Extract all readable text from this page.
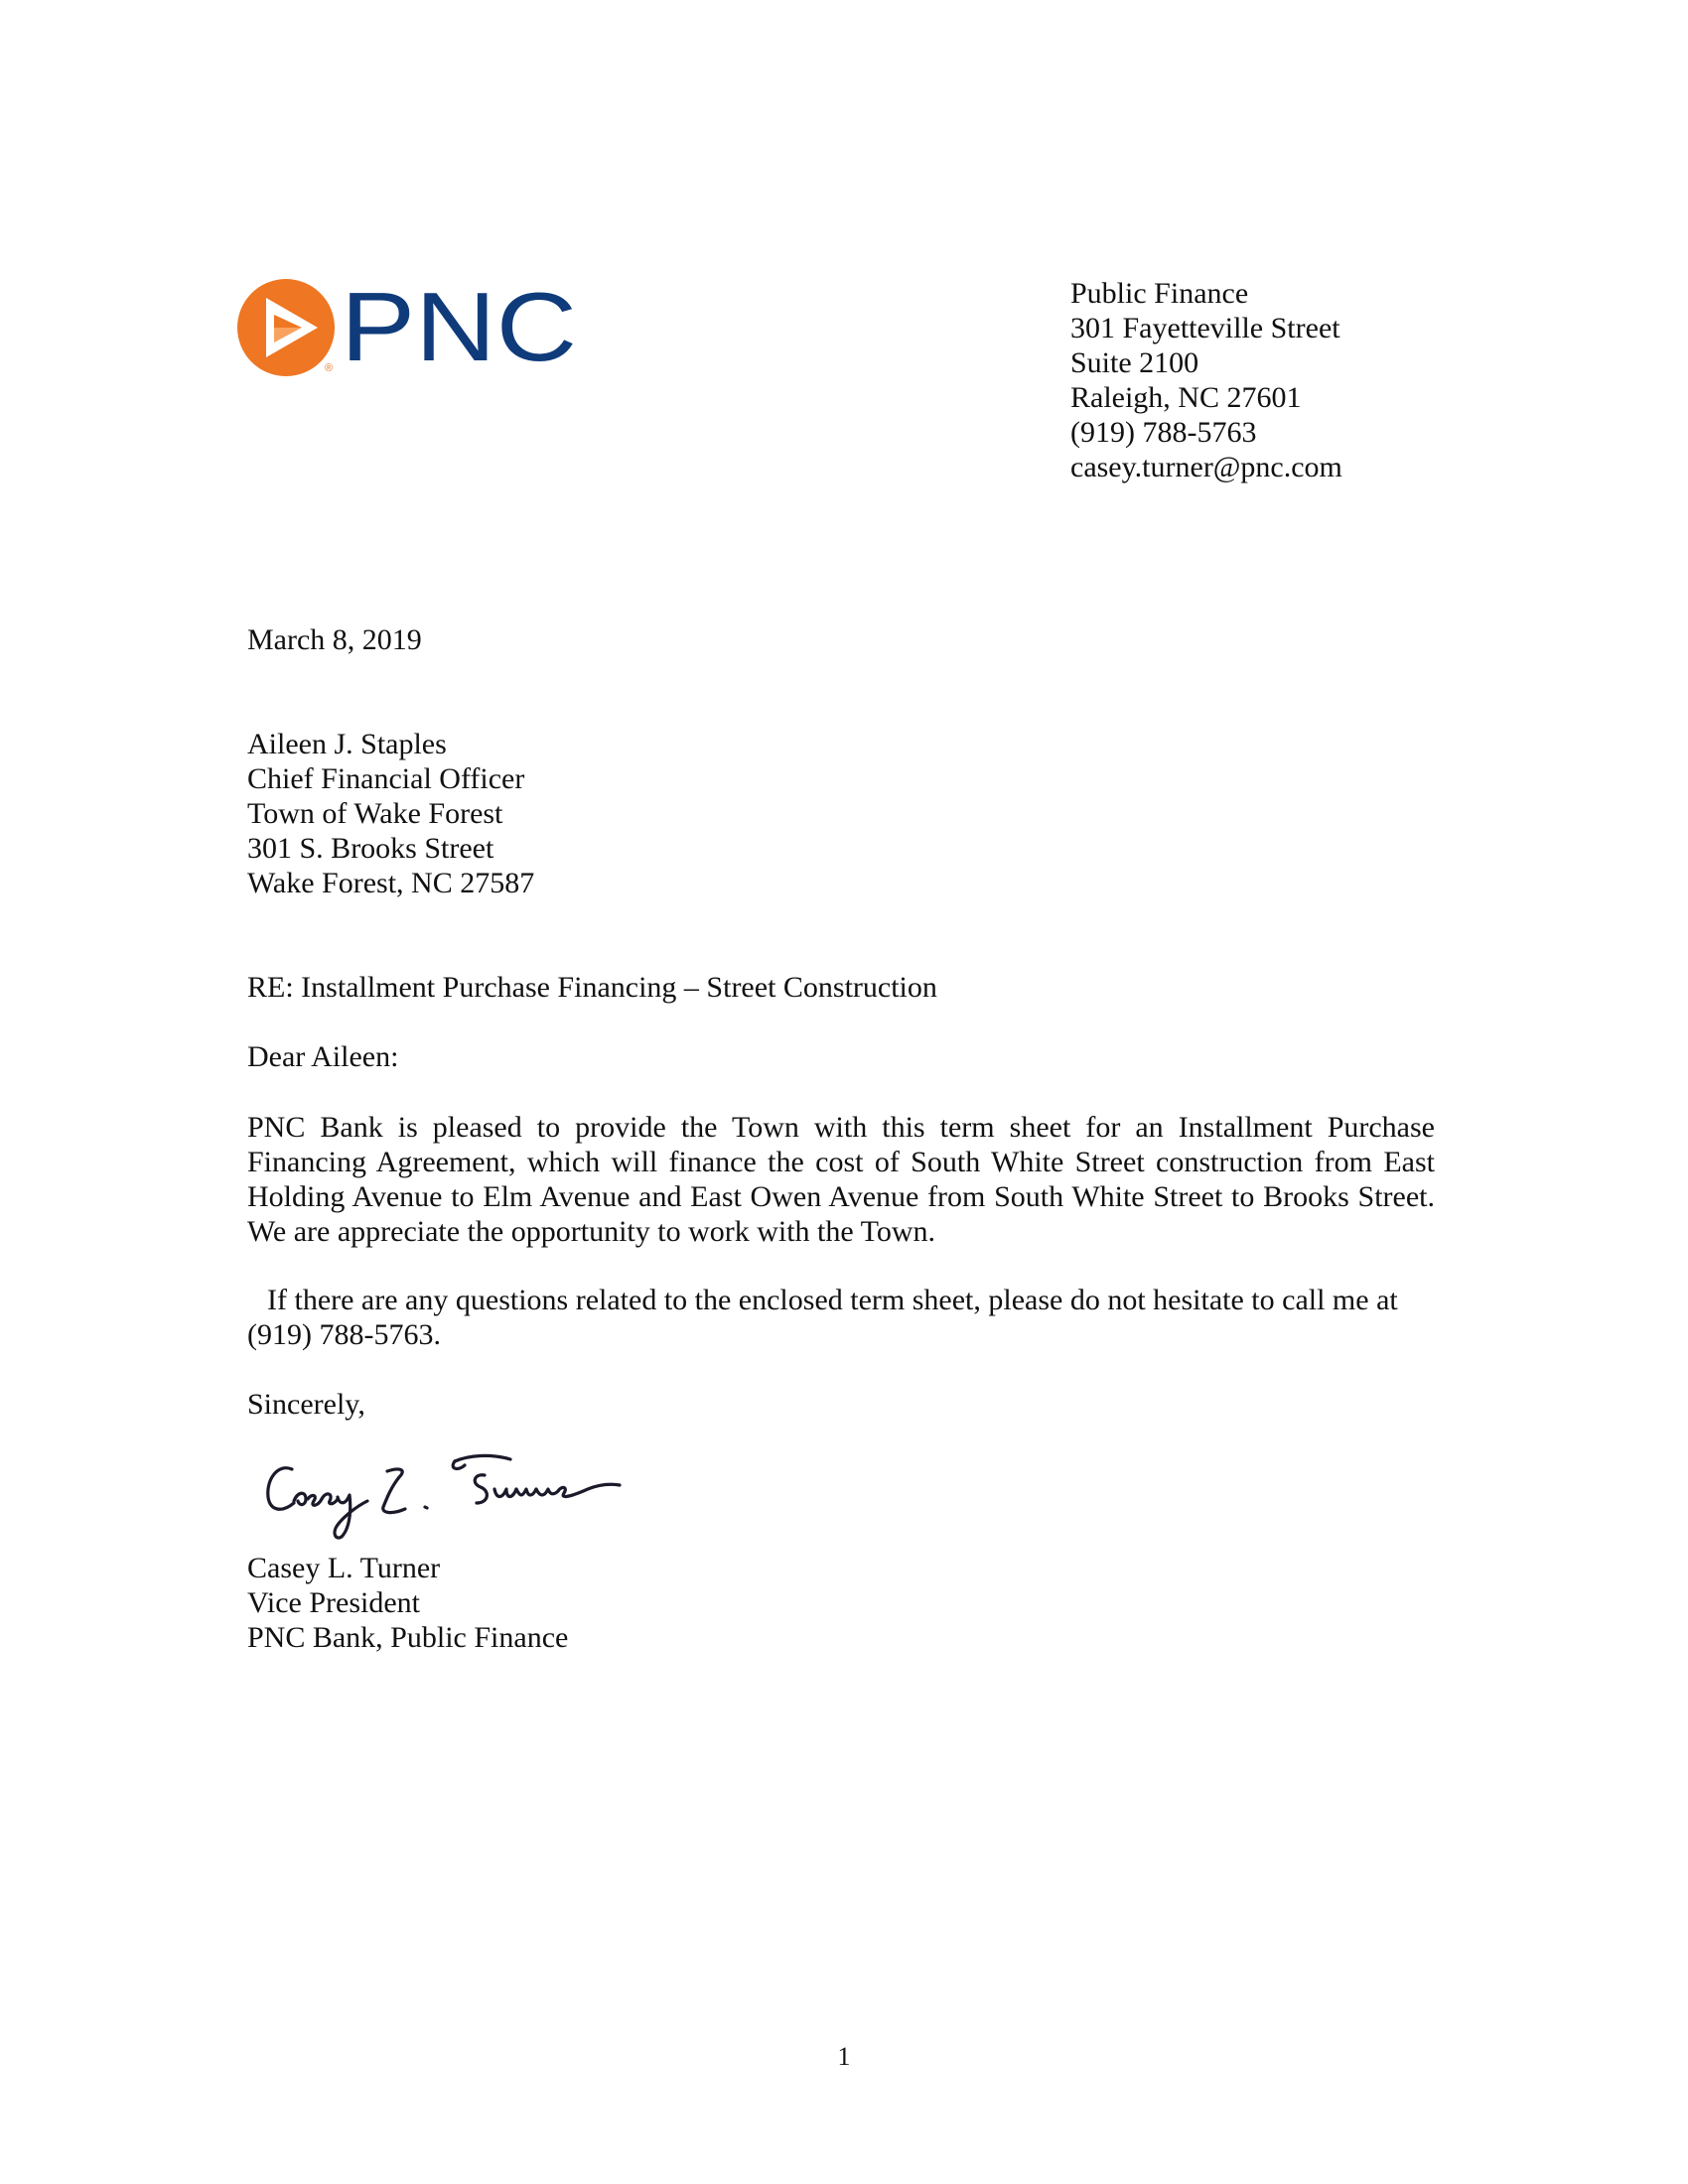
® PNC	Public Finance
301 Fayetteville Street
Suite 2100
Raleigh, NC 27601
(919) 788-5763
casey.turner@pnc.com
March 8, 2019
Aileen J. Staples
Chief Financial Officer
Town of Wake Forest
301 S. Brooks Street
Wake Forest, NC 27587
RE: Installment Purchase Financing – Street Construction
Dear Aileen:
PNC Bank is pleased to provide the Town with this term sheet for an Installment Purchase Financing Agreement, which will finance the cost of South White Street construction from East Holding Avenue to Elm Avenue and East Owen Avenue from South White Street to Brooks Street. We are appreciate the opportunity to work with the Town.
If there are any questions related to the enclosed term sheet, please do not hesitate to call me at (919) 788-5763.
Sincerely,
Casey L. Turner
Vice President
PNC Bank, Public Finance
1
